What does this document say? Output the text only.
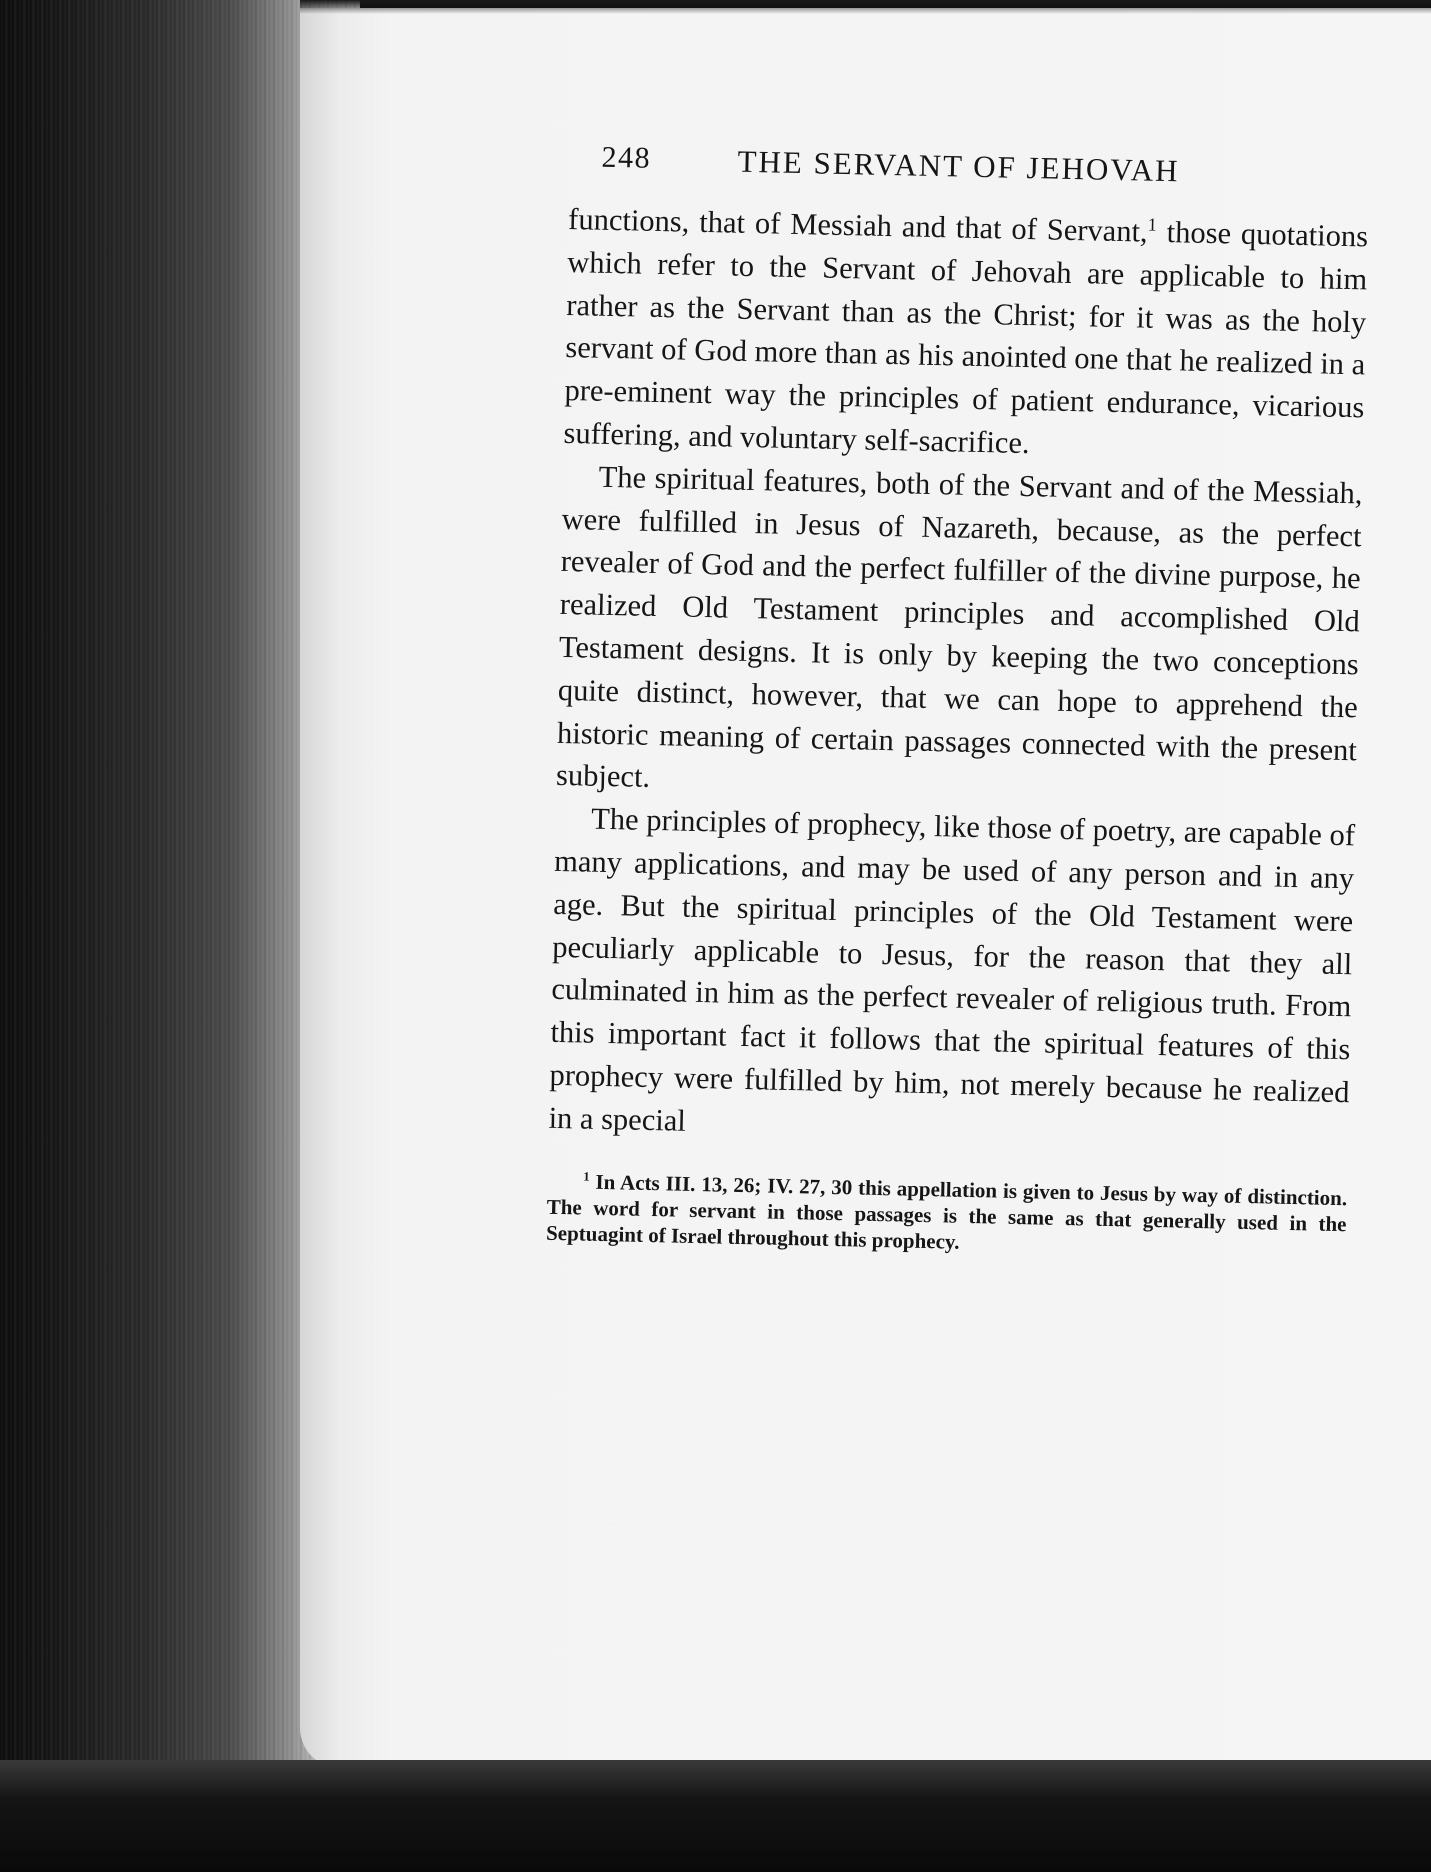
248	THE SERVANT OF JEHOVAH

functions, that of Messiah and that of Servant,$^1$ those quotations which refer to the Servant of Jehovah are applicable to him rather as the Servant than as the Christ; for it was as the holy servant of God more than as his anointed one that he realized in a pre-eminent way the principles of patient endurance, vicarious suffering, and voluntary self-sacrifice.

The spiritual features, both of the Servant and of the Messiah, were fulfilled in Jesus of Nazareth, because, as the perfect revealer of God and the perfect fulfiller of the divine purpose, he realized Old Testament principles and accomplished Old Testament designs. It is only by keeping the two conceptions quite distinct, however, that we can hope to apprehend the historic meaning of certain passages connected with the present subject.

The principles of prophecy, like those of poetry, are capable of many applications, and may be used of any person and in any age. But the spiritual principles of the Old Testament were peculiarly applicable to Jesus, for the reason that they all culminated in him as the perfect revealer of religious truth. From this important fact it follows that the spiritual features of this prophecy were fulfilled by him, not merely because he realized in a special

$^1$ In Acts III. 13, 26; IV. 27, 30 this appellation is given to Jesus by way of distinction. The word for servant in those passages is the same as that generally used in the Septuagint of Israel throughout this prophecy.
